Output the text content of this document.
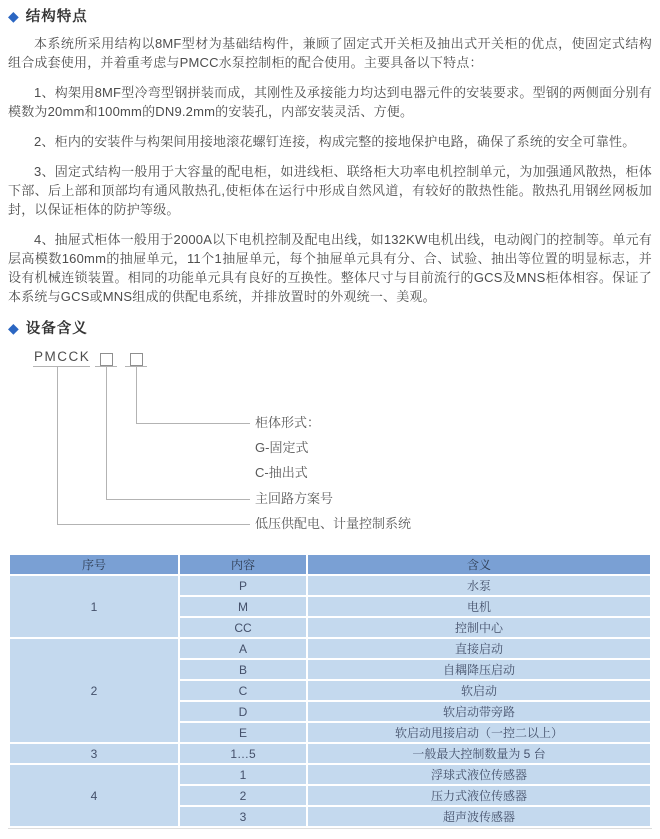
◆ 结构特点

本系统所采用结构以8MF型材为基础结构件，兼顾了固定式开关柜及抽出式开关柜的优点，使固定式结构组合成套使用，并着重考虑与PMCC水泵控制柜的配合使用。主要具备以下特点：

1、构架用8MF型冷弯型钢拼装而成，其刚性及承接能力均达到电器元件的安装要求。型钢的两侧面分别有模数为20mm和100mm的DN9.2mm的安装孔，内部安装灵活、方便。

2、柜内的安装件与构架间用接地滚花螺钉连接，构成完整的接地保护电路，确保了系统的安全可靠性。

3、固定式结构一般用于大容量的配电柜，如进线柜、联络柜大功率电机控制单元，为加强通风散热，柜体下部、后上部和顶部均有通风散热孔,使柜体在运行中形成自然风道，有较好的散热性能。散热孔用钢丝网板加封，以保证柜体的防护等级。

4、抽屉式柜体一般用于2000A以下电机控制及配电出线，如132KW电机出线，电动阀门的控制等。单元有层高模数160mm的抽屉单元，11个1抽屉单元，每个抽屉单元具有分、合、试验、抽出等位置的明显标志，并设有机械连锁装置。相同的功能单元具有良好的互换性。整体尺寸与目前流行的GCS及MNS柜体相容。保证了本系统与GCS或MNS组成的供配电系统，并排放置时的外观统一、美观。

◆ 设备含义
PMCCK
柜体形式：
G-固定式
C-抽出式
主回路方案号
低压供配电、计量控制系统
序号	内容	含义
1	P	水泵
	M	电机
	CC	控制中心
2	A	直接启动
	B	自耦降压启动
	C	软启动
	D	软启动带旁路
	E	软启动甩接启动（一控二以上）
3	1…5	一般最大控制数量为 5 台
4	1	浮球式液位传感器
	2	压力式液位传感器
	3	超声波传感器
